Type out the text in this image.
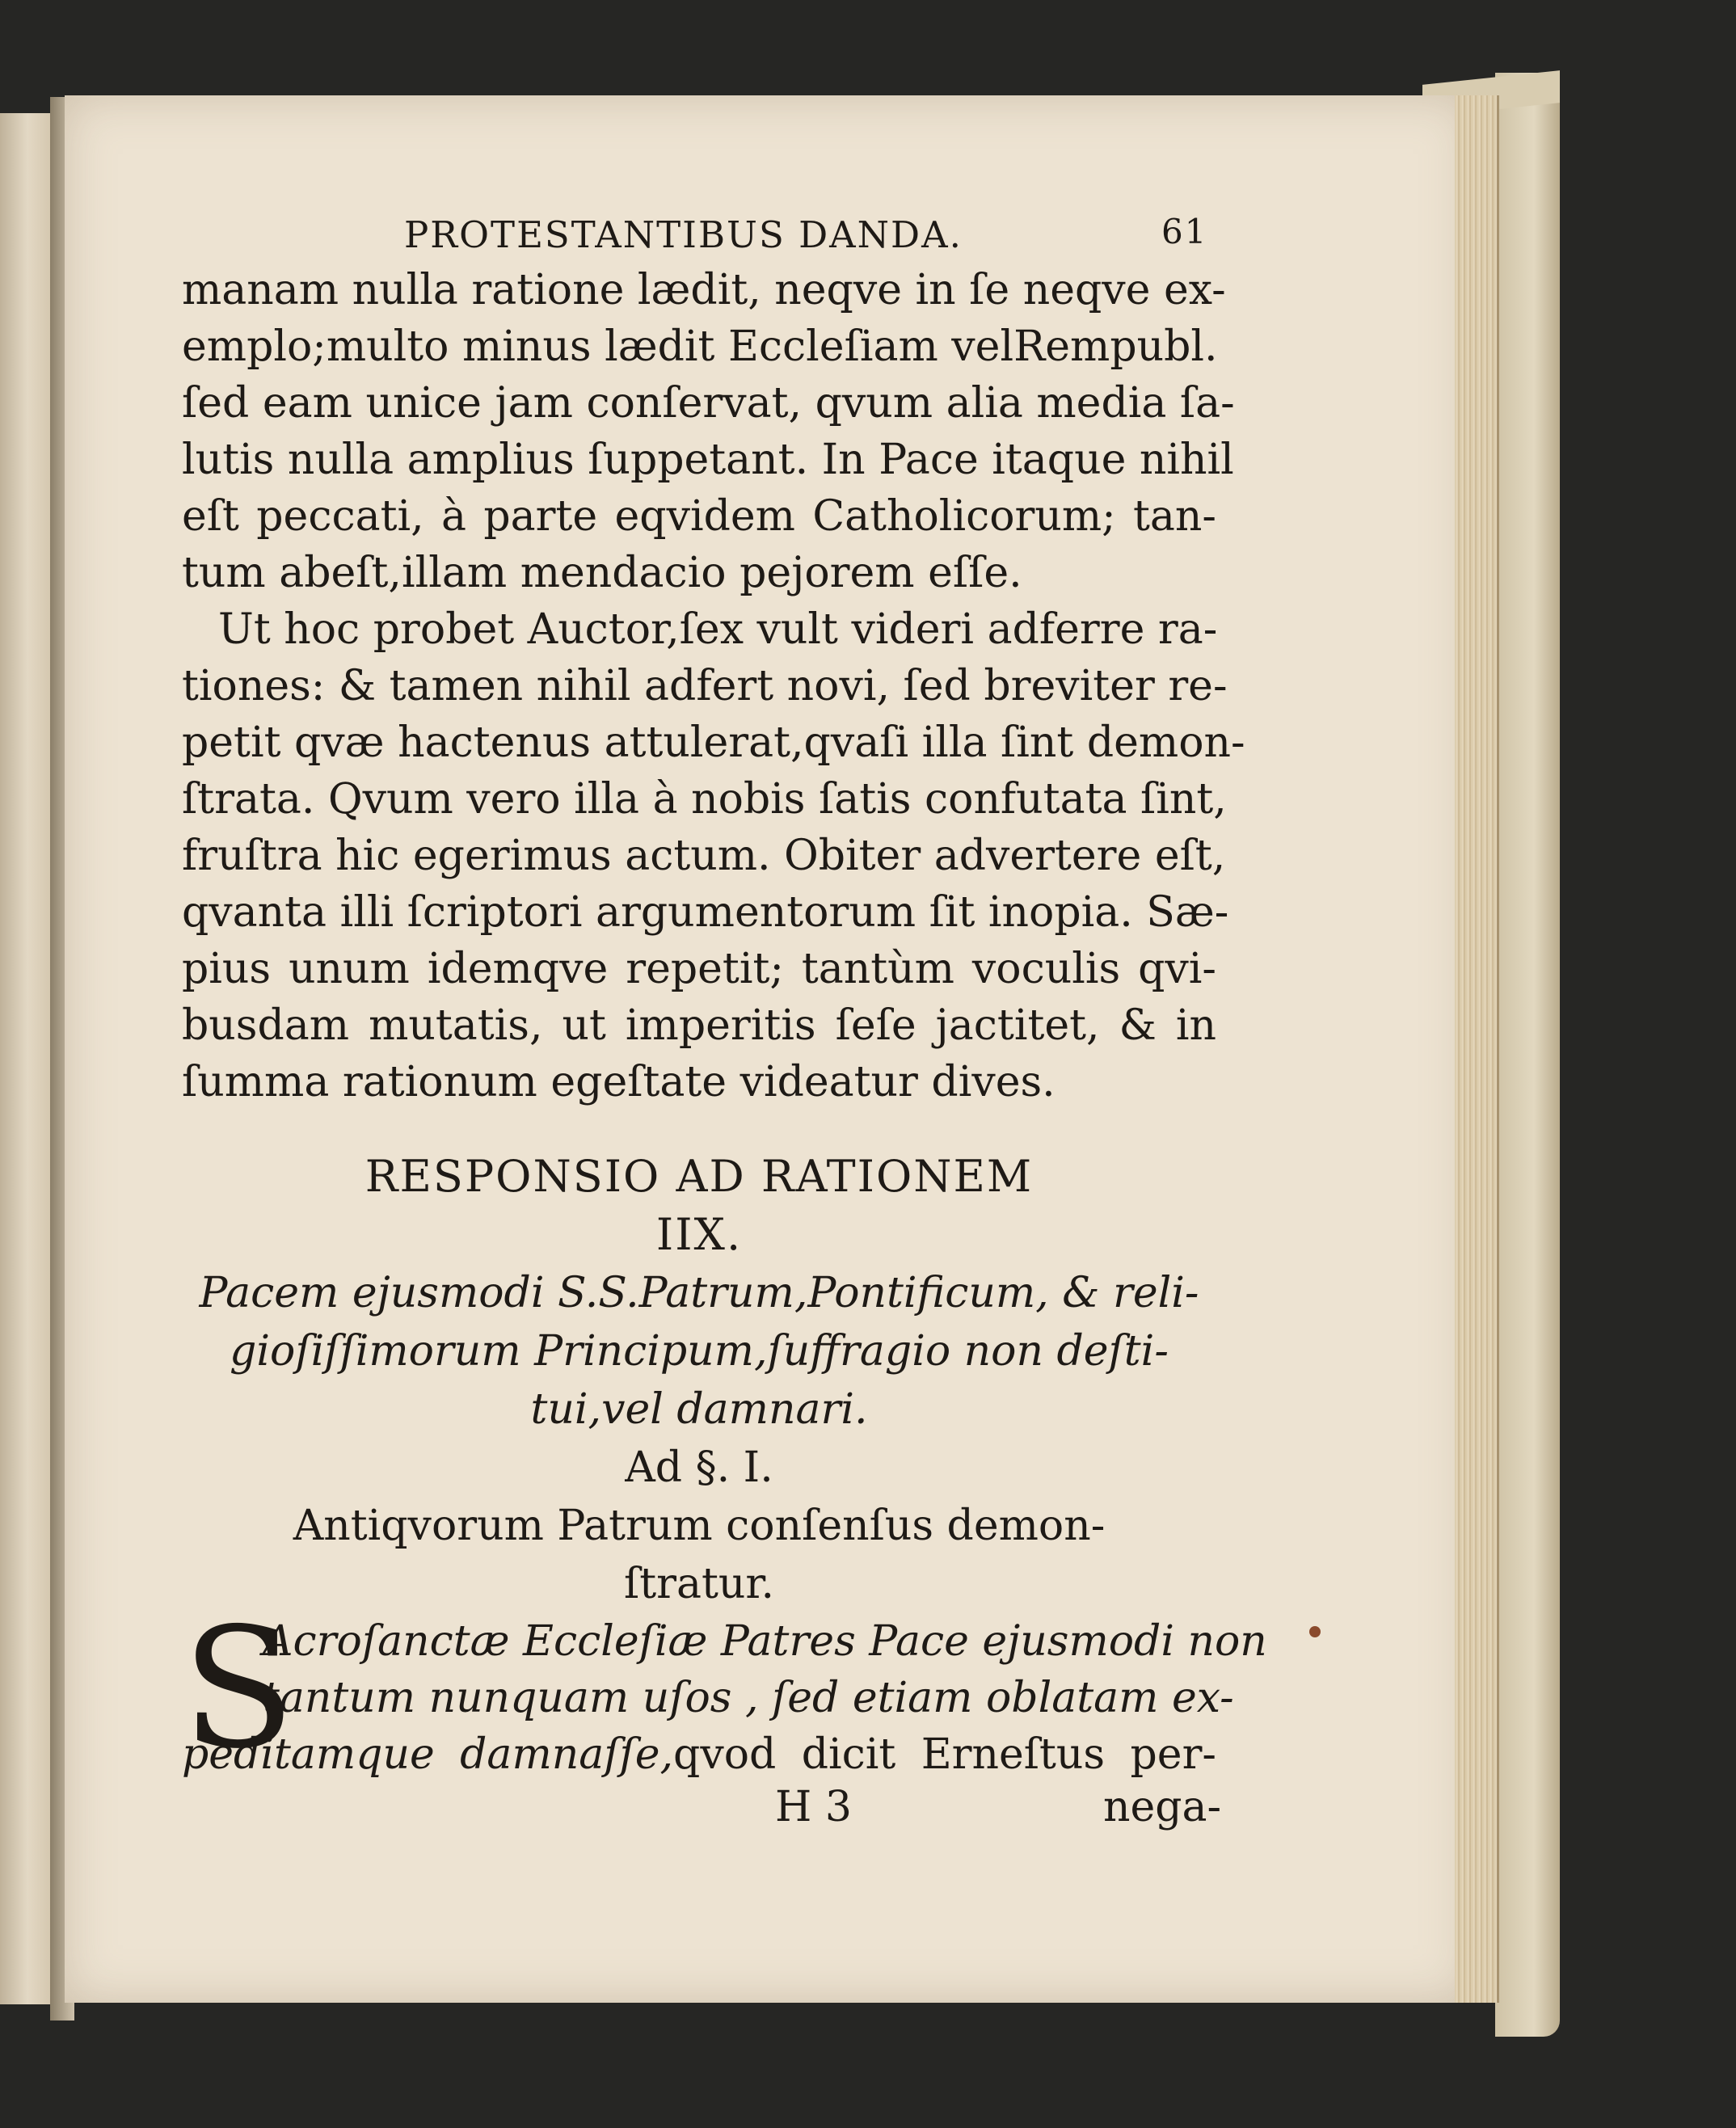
PROTESTANTIBUS DANDA.	61
manam nulla ratione lædit, neqve in ſe neqve ex-
emplo;multo minus lædit Eccleſiam velRempubl.
ſed eam unice jam conſervat, qvum alia media ſa-
lutis nulla amplius ſuppetant. In Pace itaque nihil
eſt peccati, à parte eqvidem Catholicorum; tan-
tum abeſt,illam mendacio pejorem eſſe.
Ut hoc probet Auctor,ſex vult videri adferre ra-
tiones: & tamen nihil adfert novi, ſed breviter re-
petit qvæ hactenus attulerat,qvaſi illa ſint demon-
ſtrata. Qvum vero illa à nobis ſatis confutata ſint,
fruſtra hic egerimus actum. Obiter advertere eſt,
qvanta illi ſcriptori argumentorum ſit inopia. Sæ-
pius unum idemqve repetit; tantùm voculis qvi-
busdam mutatis, ut imperitis ſeſe jactitet, & in
ſumma rationum egeſtate videatur dives.
RESPONSIO AD RATIONEM
IIX.
Pacem ejusmodi S.S.Patrum,Pontificum, & reli-
gioſiſſimorum Principum,ſuffragio non deſti-
tui,vel damnari.
Ad §. I.
Antiqvorum Patrum conſenſus demon-
ſtratur.
S
Acroſanctæ Eccleſiæ Patres Pace ejusmodi non
tantum nunquam uſos , ſed etiam oblatam ex-
peditamque damnaſſe,qvod dicit Erneſtus per-
H 3	nega-
